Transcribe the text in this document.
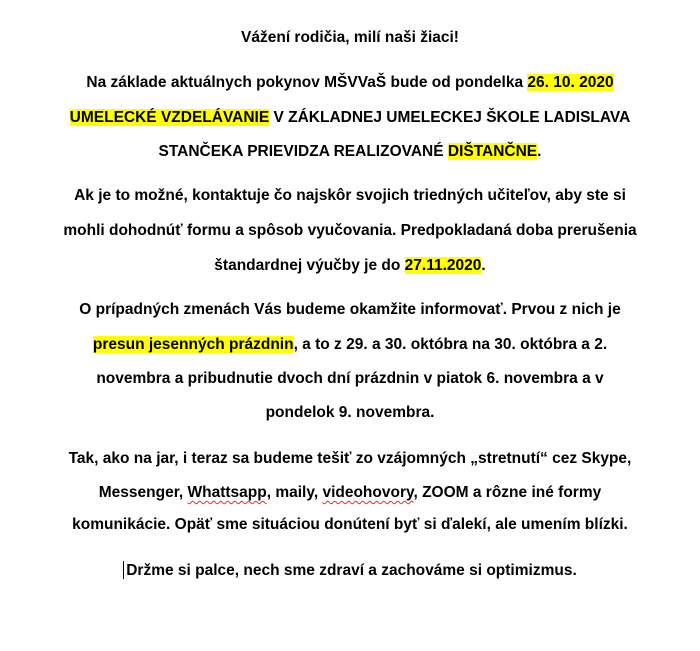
Vážení rodičia, milí naši žiaci!
Na základe aktuálnych pokynov MŠVVaŠ bude od pondelka 26. 10. 2020
UMELECKÉ VZDELÁVANIE V ZÁKLADNEJ UMELECKEJ ŠKOLE LADISLAVA
STANČEKA PRIEVIDZA REALIZOVANÉ DIŠTANČNE.
Ak je to možné, kontaktuje čo najskôr svojich triedných učiteľov, aby ste si
mohli dohodnúť formu a spôsob vyučovania. Predpokladaná doba prerušenia
štandardnej výučby je do 27.11.2020.
O prípadných zmenách Vás budeme okamžite informovať. Prvou z nich je
presun jesenných prázdnin, a to z 29. a 30. októbra na 30. októbra a 2.
novembra a pribudnutie dvoch dní prázdnin v piatok 6. novembra a v
pondelok 9. novembra.
Tak, ako na jar, i teraz sa budeme tešiť zo vzájomných „stretnutí“ cez Skype,
Messenger, Whattsapp, maily, videohovory, ZOOM a rôzne iné formy
komunikácie. Opäť sme situáciou donútení byť si ďalekí, ale umením blízki.
Držme si palce, nech sme zdraví a zachováme si optimizmus.
